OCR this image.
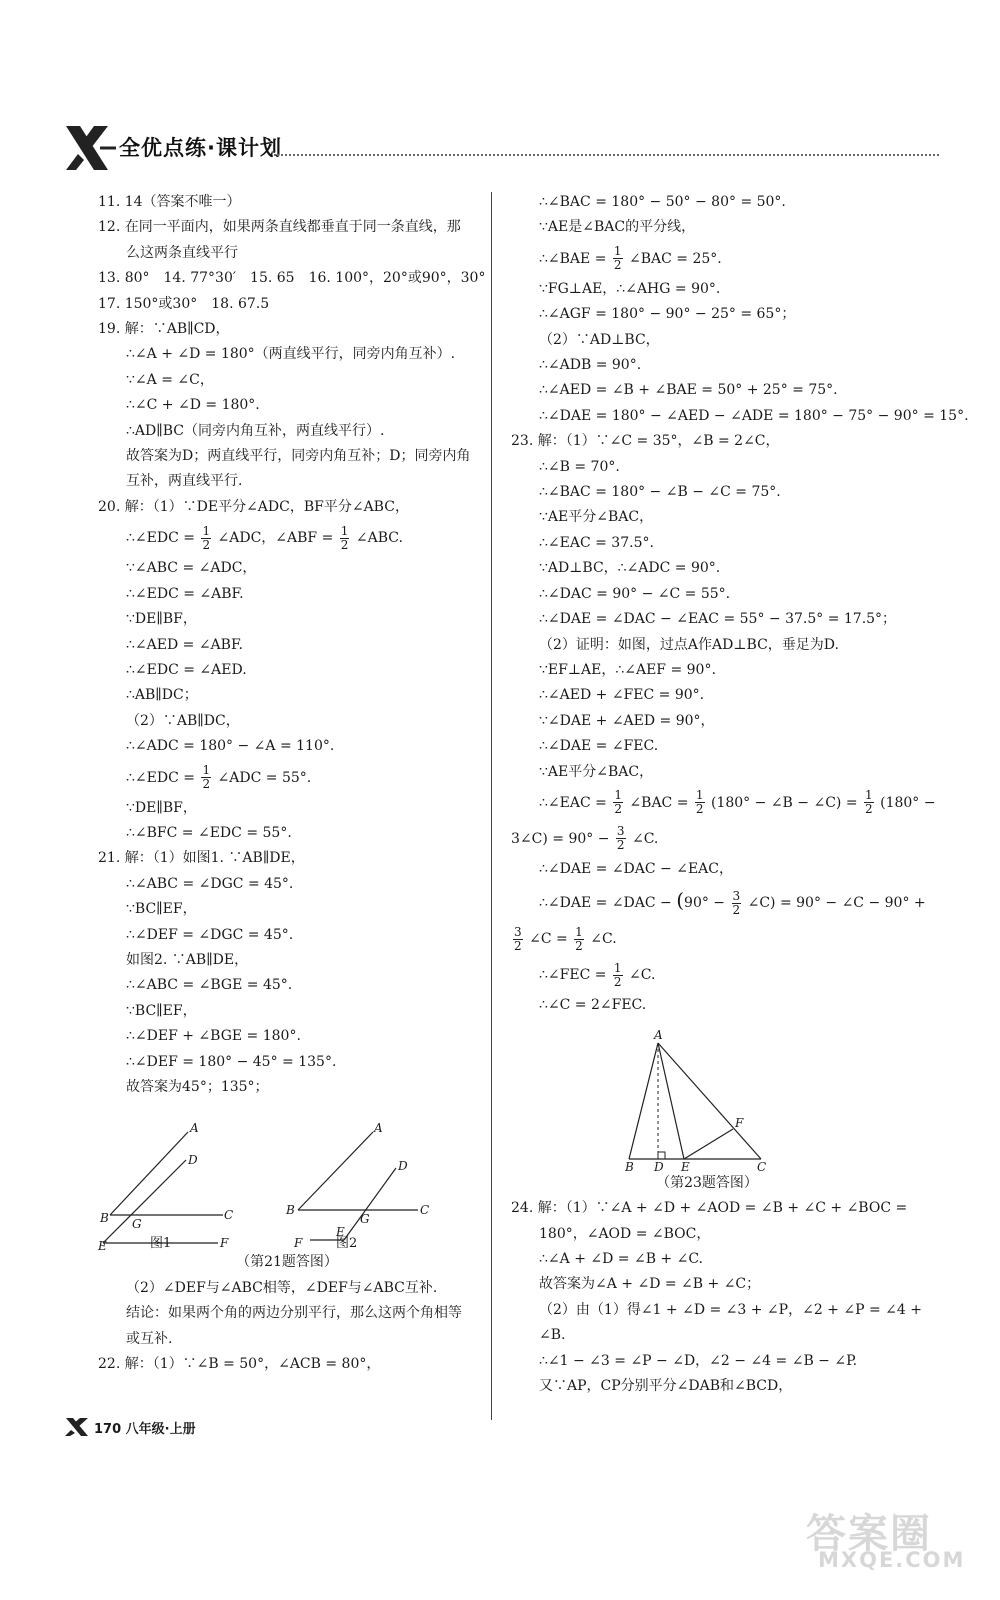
全优点练·课计划
11. 14（答案不唯一）
12. 在同一平面内，如果两条直线都垂直于同一条直线，那
么这两条直线平行
13. 80°　14. 77°30′　15. 65　16. 100°，20°或90°，30°
17. 150°或30°　18. 67.5
19. 解：∵AB∥CD，
∴∠A + ∠D = 180°（两直线平行，同旁内角互补）.
∵∠A = ∠C，
∴∠C + ∠D = 180°.
∴AD∥BC（同旁内角互补，两直线平行）.
故答案为D；两直线平行，同旁内角互补；D；同旁内角
互补，两直线平行.
20. 解：（1）∵DE平分∠ADC，BF平分∠ABC，
∴∠EDC = $\frac{1}{2}$ ∠ADC，∠ABF = $\frac{1}{2}$ ∠ABC.
∵∠ABC = ∠ADC，
∴∠EDC = ∠ABF.
∵DE∥BF，
∴∠AED = ∠ABF.
∴∠EDC = ∠AED.
∴AB∥DC；
（2）∵AB∥DC，
∴∠ADC = 180° − ∠A = 110°.
∴∠EDC = $\frac{1}{2}$ ∠ADC = 55°.
∵DE∥BF，
∴∠BFC = ∠EDC = 55°.
21. 解：（1）如图1. ∵AB∥DE，
∴∠ABC = ∠DGC = 45°.
∵BC∥EF，
∴∠DEF = ∠DGC = 45°.
如图2. ∵AB∥DE，
∴∠ABC = ∠BGE = 45°.
∵BC∥EF，
∴∠DEF + ∠BGE = 180°.
∴∠DEF = 180° − 45° = 135°.
故答案为45°；135°；
A
D
B G
C
E	F
A
D
B
G
C
F
E
图1	图2
（第21题答图）
（2）∠DEF与∠ABC相等，∠DEF与∠ABC互补.
结论：如果两个角的两边分别平行，那么这两个角相等
或互补.
22. 解：（1）∵∠B = 50°，∠ACB = 80°，
∴∠BAC = 180° − 50° − 80° = 50°.
∵AE是∠BAC的平分线，
∴∠BAE = $\frac{1}{2}$ ∠BAC = 25°.
∵FG⊥AE，∴∠AHG = 90°.
∴∠AGF = 180° − 90° − 25° = 65°；
（2）∵AD⊥BC，
∴∠ADB = 90°.
∴∠AED = ∠B + ∠BAE = 50° + 25° = 75°.
∴∠DAE = 180° − ∠AED − ∠ADE = 180° − 75° − 90° = 15°.
23. 解：（1）∵∠C = 35°，∠B = 2∠C，
∴∠B = 70°.
∴∠BAC = 180° − ∠B − ∠C = 75°.
∵AE平分∠BAC，
∴∠EAC = 37.5°.
∵AD⊥BC，∴∠ADC = 90°.
∴∠DAC = 90° − ∠C = 55°.
∴∠DAE = ∠DAC − ∠EAC = 55° − 37.5° = 17.5°；
（2）证明：如图，过点A作AD⊥BC，垂足为D.
∵EF⊥AE，∴∠AEF = 90°.
∴∠AED + ∠FEC = 90°.
∵∠DAE + ∠AED = 90°，
∴∠DAE = ∠FEC.
∵AE平分∠BAC，
∴∠EAC = $\frac{1}{2}$ ∠BAC = $\frac{1}{2} (180^\circ$ − ∠B − ∠C) = $\frac{1}{2} (180^\circ$ −
3∠C) = $90^\circ - \frac{3}{2}$ ∠C.
∴∠DAE = ∠DAC − ∠EAC，
∴∠DAE = ∠DAC − ($90^\circ - \frac{3}{2}$ ∠C) = 90° − ∠C − 90° +
$\frac{3}{2}$ ∠C = $\frac{1}{2}$ ∠C.
∴∠FEC = $\frac{1}{2}$ ∠C.
∴∠C = 2∠FEC.
A
F
B D E	C
（第23题答图）
24. 解：（1）∵∠A + ∠D + ∠AOD = ∠B + ∠C + ∠BOC =
180°，∠AOD = ∠BOC，
∴∠A + ∠D = ∠B + ∠C.
故答案为∠A + ∠D = ∠B + ∠C；
（2）由（1）得∠1 + ∠D = ∠3 + ∠P，∠2 + ∠P = ∠4 +
∠B.
∴∠1 − ∠3 = ∠P − ∠D，∠2 − ∠4 = ∠B − ∠P.
又∵AP，CP分别平分∠DAB和∠BCD，
170 八年级·上册
答案圈
MXQE.COM
